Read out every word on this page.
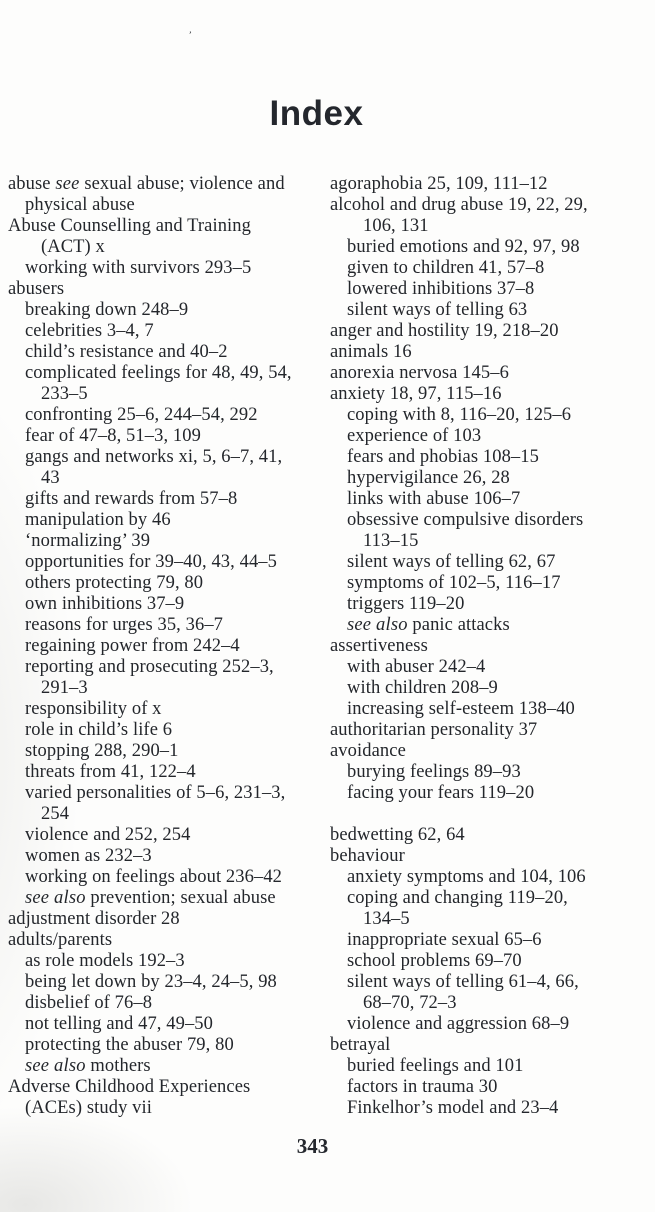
ʼ
Index
abuse see sexual abuse; violence and
physical abuse
Abuse Counselling and Training
(ACT) x
working with survivors 293–5
abusers
breaking down 248–9
celebrities 3–4, 7
child’s resistance and 40–2
complicated feelings for 48, 49, 54,
233–5
confronting 25–6, 244–54, 292
fear of 47–8, 51–3, 109
gangs and networks xi, 5, 6–7, 41,
43
gifts and rewards from 57–8
manipulation by 46
‘normalizing’ 39
opportunities for 39–40, 43, 44–5
others protecting 79, 80
own inhibitions 37–9
reasons for urges 35, 36–7
regaining power from 242–4
reporting and prosecuting 252–3,
291–3
responsibility of x
role in child’s life 6
stopping 288, 290–1
threats from 41, 122–4
varied personalities of 5–6, 231–3,
254
violence and 252, 254
women as 232–3
working on feelings about 236–42
see also prevention; sexual abuse
adjustment disorder 28
adults/parents
as role models 192–3
being let down by 23–4, 24–5, 98
disbelief of 76–8
not telling and 47, 49–50
protecting the abuser 79, 80
see also mothers
Adverse Childhood Experiences
(ACEs) study vii
agoraphobia 25, 109, 111–12
alcohol and drug abuse 19, 22, 29,
106, 131
buried emotions and 92, 97, 98
given to children 41, 57–8
lowered inhibitions 37–8
silent ways of telling 63
anger and hostility 19, 218–20
animals 16
anorexia nervosa 145–6
anxiety 18, 97, 115–16
coping with 8, 116–20, 125–6
experience of 103
fears and phobias 108–15
hypervigilance 26, 28
links with abuse 106–7
obsessive compulsive disorders
113–15
silent ways of telling 62, 67
symptoms of 102–5, 116–17
triggers 119–20
see also panic attacks
assertiveness
with abuser 242–4
with children 208–9
increasing self-esteem 138–40
authoritarian personality 37
avoidance
burying feelings 89–93
facing your fears 119–20

bedwetting 62, 64
behaviour
anxiety symptoms and 104, 106
coping and changing 119–20,
134–5
inappropriate sexual 65–6
school problems 69–70
silent ways of telling 61–4, 66,
68–70, 72–3
violence and aggression 68–9
betrayal
buried feelings and 101
factors in trauma 30
Finkelhor’s model and 23–4
343
